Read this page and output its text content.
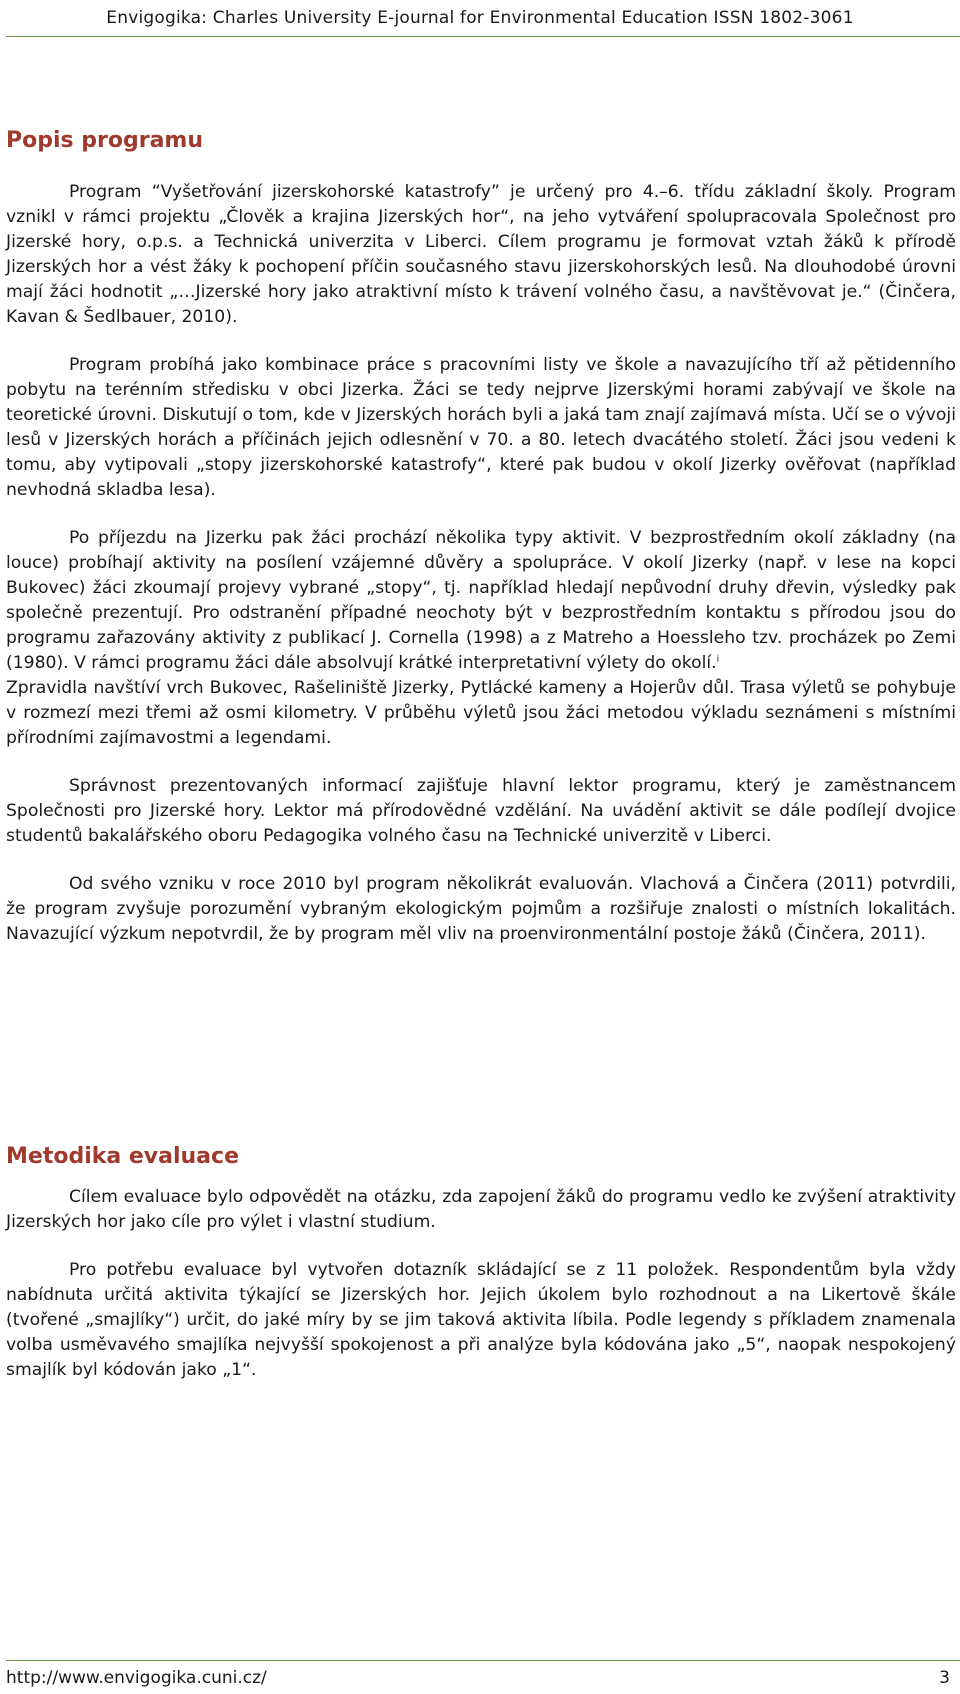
Envigogika: Charles University E-journal for Environmental Education ISSN 1802-3061
Popis programu

Program “Vyšetřování jizerskohorské katastrofy” je určený pro 4.–6. třídu základní školy. Program vznikl v rámci projektu „Člověk a krajina Jizerských hor“, na jeho vytváření spolupracovala Společnost pro Jizerské hory, o.p.s. a Technická univerzita v Liberci. Cílem programu je formovat vztah žáků k přírodě Jizerských hor a vést žáky k pochopení příčin současného stavu jizerskohorských lesů. Na dlouhodobé úrovni mají žáci hodnotit „…Jizerské hory jako atraktivní místo k trávení volného času, a navštěvovat je.“ (Činčera, Kavan & Šedlbauer, 2010).

Program probíhá jako kombinace práce s pracovními listy ve škole a navazujícího tří až pětidenního pobytu na terénním středisku v obci Jizerka. Žáci se tedy nejprve Jizerskými horami zabývají ve škole na teoretické úrovni. Diskutují o tom, kde v Jizerských horách byli a jaká tam znají zajímavá místa. Učí se o vývoji lesů v Jizerských horách a příčinách jejich odlesnění v 70. a 80. letech dvacátého století. Žáci jsou vedeni k tomu, aby vytipovali „stopy jizerskohorské katastrofy“, které pak budou v okolí Jizerky ověřovat (například nevhodná skladba lesa).

Po příjezdu na Jizerku pak žáci prochází několika typy aktivit. V bezprostředním okolí základny (na louce) probíhají aktivity na posílení vzájemné důvěry a spolupráce. V okolí Jizerky (např. v lese na kopci Bukovec) žáci zkoumají projevy vybrané „stopy“, tj. například hledají nepůvodní druhy dřevin, výsledky pak společně prezentují. Pro odstranění případné neochoty být v bezprostředním kontaktu s přírodou jsou do programu zařazovány aktivity z publikací J. Cornella (1998) a z Matreho a Hoessleho tzv. procházek po Zemi (1980). V rámci programu žáci dále absolvují krátké interpretativní výlety do okolí.$^i$

Zpravidla navštíví vrch Bukovec, Rašeliniště Jizerky, Pytlácké kameny a Hojerův důl. Trasa výletů se pohybuje v rozmezí mezi třemi až osmi kilometry. V průběhu výletů jsou žáci metodou výkladu seznámeni s místními přírodními zajímavostmi a legendami.

Správnost prezentovaných informací zajišťuje hlavní lektor programu, který je zaměstnancem Společnosti pro Jizerské hory. Lektor má přírodovědné vzdělání. Na uvádění aktivit se dále podílejí dvojice studentů bakalářského oboru Pedagogika volného času na Technické univerzitě v Liberci.

Od svého vzniku v roce 2010 byl program několikrát evaluován. Vlachová a Činčera (2011) potvrdili, že program zvyšuje porozumění vybraným ekologickým pojmům a rozšiřuje znalosti o místních lokalitách. Navazující výzkum nepotvrdil, že by program měl vliv na proenvironmentální postoje žáků (Činčera, 2011).

Metodika evaluace

Cílem evaluace bylo odpovědět na otázku, zda zapojení žáků do programu vedlo ke zvýšení atraktivity Jizerských hor jako cíle pro výlet i vlastní studium.

Pro potřebu evaluace byl vytvořen dotazník skládající se z 11 položek. Respondentům byla vždy nabídnuta určitá aktivita týkající se Jizerských hor. Jejich úkolem bylo rozhodnout a na Likertově škále (tvořené „smajlíky“) určit, do jaké míry by se jim taková aktivita líbila. Podle legendy s příkladem znamenala volba usměvavého smajlíka nejvyšší spokojenost a při analýze byla kódována jako „5“, naopak nespokojený smajlík byl kódován jako „1“.

http://www.envigogika.cuni.cz/	3
